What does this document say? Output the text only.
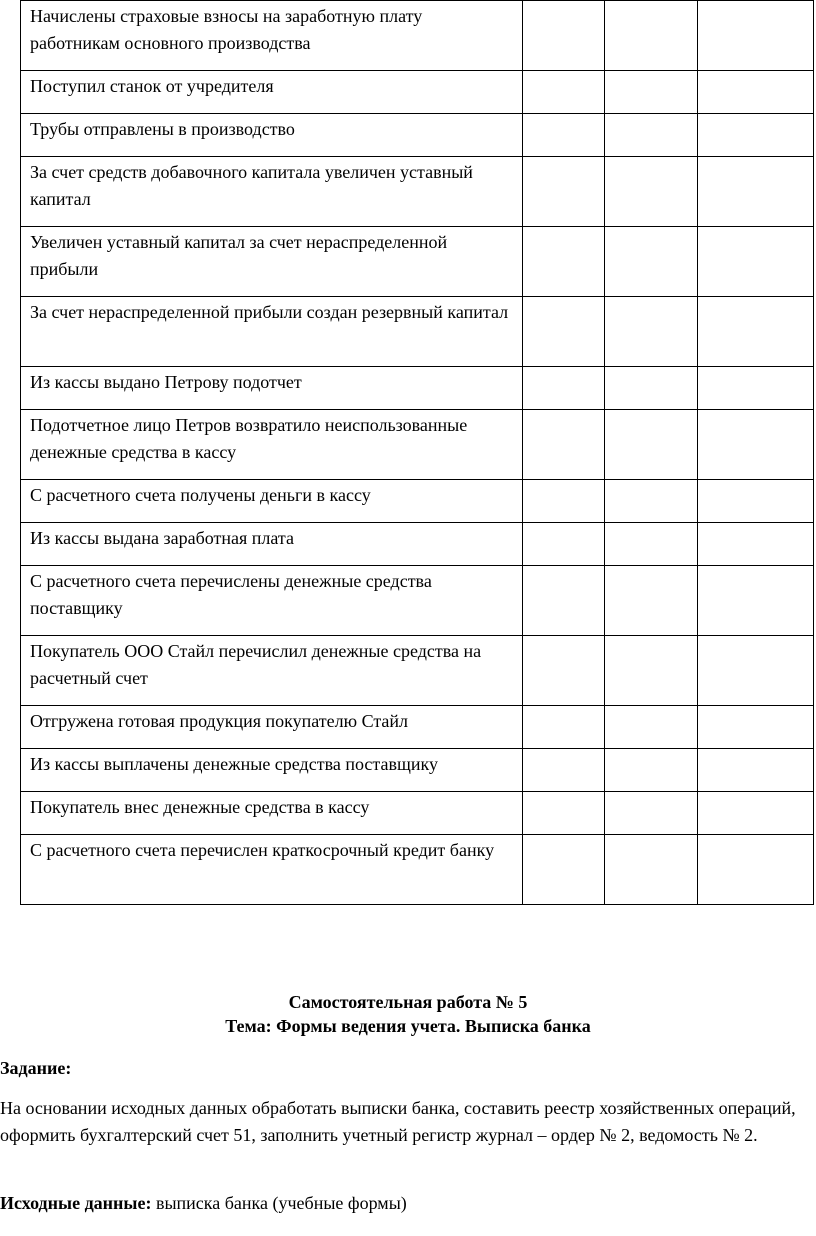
Начислены страховые взносы на заработную плату работникам основного производства			
Поступил станок от учредителя			
Трубы отправлены в производство			
За счет средств добавочного капитала увеличен уставный капитал			
Увеличен уставный капитал за счет нераспределенной прибыли			
За счет нераспределенной прибыли создан резервный капитал			
Из кассы выдано Петрову подотчет			
Подотчетное лицо Петров возвратило неиспользованные денежные средства в кассу			
С расчетного счета получены деньги в кассу			
Из кассы выдана заработная плата			
С расчетного счета перечислены денежные средства поставщику			
Покупатель ООО Стайл перечислил денежные средства на расчетный счет			
Отгружена готовая продукция покупателю Стайл			
Из кассы выплачены денежные средства поставщику			
Покупатель внес денежные средства в кассу			
С расчетного счета перечислен краткосрочный кредит банку			
Самостоятельная работа № 5
Тема: Формы ведения учета. Выписка банка
Задание:
На основании исходных данных обработать выписки банка, составить реестр хозяйственных операций, оформить бухгалтерский счет 51, заполнить учетный регистр журнал – ордер № 2, ведомость № 2.
Исходные данные: выписка банка (учебные формы)
